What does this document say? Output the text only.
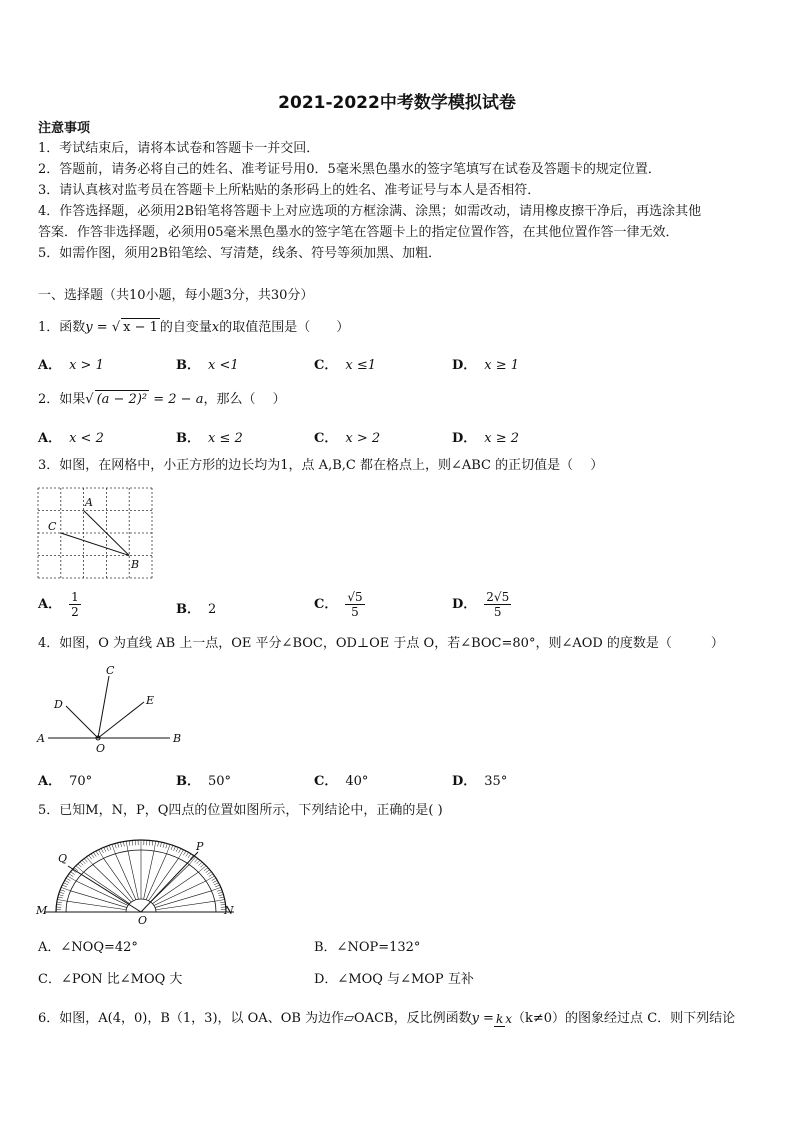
2021-2022中考数学模拟试卷
注意事项
1．考试结束后，请将本试卷和答题卡一并交回．
2．答题前，请务必将自己的姓名、准考证号用0．5毫米黑色墨水的签字笔填写在试卷及答题卡的规定位置．
3．请认真核对监考员在答题卡上所粘贴的条形码上的姓名、准考证号与本人是否相符．
4．作答选择题，必须用2B铅笔将答题卡上对应选项的方框涂满、涂黑；如需改动，请用橡皮擦干净后，再选涂其他
答案．作答非选择题，必须用05毫米黑色墨水的签字笔在答题卡上的指定位置作答，在其他位置作答一律无效．
5．如需作图，须用2B铅笔绘、写清楚，线条、符号等须加黑、加粗．
一、选择题（共10小题，每小题3分，共30分）
1．函数y = √ x − 1 的自变量x的取值范围是（　　）
A． x > 1	B． x <1	C． x ≤1	D． x ≥ 1
2．如果√ (a − 2)² = 2 − a，那么（　 ）
A． x < 2	B． x ≤ 2	C． x > 2	D． x ≥ 2
3．如图，在网格中，小正方形的边长均为1，点 A,B,C 都在格点上，则∠ABC 的正切值是（　 ）
A
C
B
A． $\frac{1}{2}$	B． 2	C． $\frac{√5}{5}$	D． $\frac{2√5}{5}$
4．如图，O 为直线 AB 上一点，OE 平分∠BOC，OD⊥OE 于点 O，若∠BOC=80°，则∠AOD 的度数是（　　　）
C
D	E
A
O
B
A． 70°	B． 50°	C． 40°	D． 35°
5．已知M，N，P，Q四点的位置如图所示，下列结论中，正确的是( )
Q
P
M	N
O
A．∠NOQ=42°	B．∠NOP=132°
C．∠PON 比∠MOQ 大	D．∠MOQ 与∠MOP 互补
6．如图，A(4，0)，B（1，3)，以 OA、OB 为边作▱OACB，反比例函数y = k x（k≠0）的图象经过点 C．则下列结论
